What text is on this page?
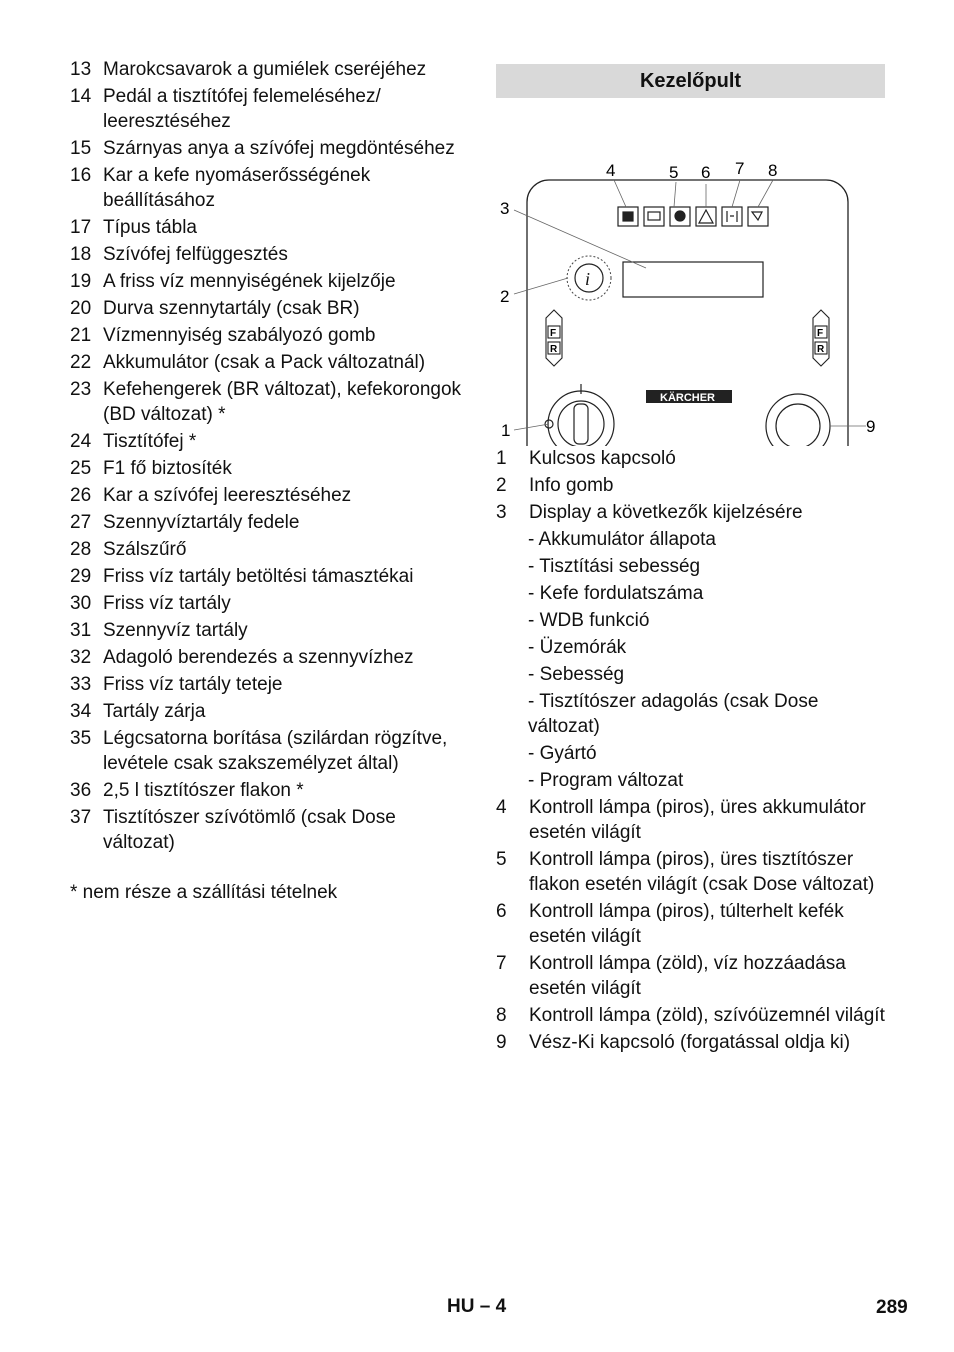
13 Marokcsavarok a gumiélek cseréjéhez
14 Pedál a tisztítófej felemeléséhez/ leeresztéséhez
15 Szárnyas anya a szívófej megdöntéséhez
16 Kar a kefe nyomáserősségének beállításához
17 Típus tábla
18 Szívófej felfüggesztés
19 A friss víz mennyiségének kijelzője
20 Durva szennytartály (csak BR)
21 Vízmennyiség szabályozó gomb
22 Akkumulátor (csak a Pack változatnál)
23 Kefehengerek (BR változat), kefekorongok (BD változat) *
24 Tisztítófej *
25 F1 fő biztosíték
26 Kar a szívófej leeresztéséhez
27 Szennyvíztartály fedele
28 Szálszűrő
29 Friss víz tartály betöltési támasztékai
30 Friss víz tartály
31 Szennyvíz tartály
32 Adagoló berendezés a szennyvízhez
33 Friss víz tartály teteje
34 Tartály zárja
35 Légcsatorna borítása (szilárdan rögzítve, levétele csak szakszemélyzet által)
36 2,5 l tisztítószer flakon *
37 Tisztítószer szívótömlő (csak Dose változat)
* nem része a szállítási tételnek
Kezelőpult
i
F
R
F
R
KÄRCHER
4	5 6 7 8
3
2
1	9
1	Kulcsos kapcsoló
2	Info gomb
3	Display a következők kijelzésére
- Akkumulátor állapota
- Tisztítási sebesség
- Kefe fordulatszáma
- WDB funkció
- Üzemórák
- Sebesség
- Tisztítószer adagolás (csak Dose változat)
- Gyártó
- Program változat
4	Kontroll lámpa (piros), üres akkumulátor esetén világít
5	Kontroll lámpa (piros), üres tisztítószer flakon esetén világít (csak Dose változat)
6	Kontroll lámpa (piros), túlterhelt kefék esetén világít
7	Kontroll lámpa (zöld), víz hozzáadása esetén világít
8	Kontroll lámpa (zöld), szívóüzemnél világít
9	Vész-Ki kapcsoló (forgatással oldja ki)
HU – 4	289
